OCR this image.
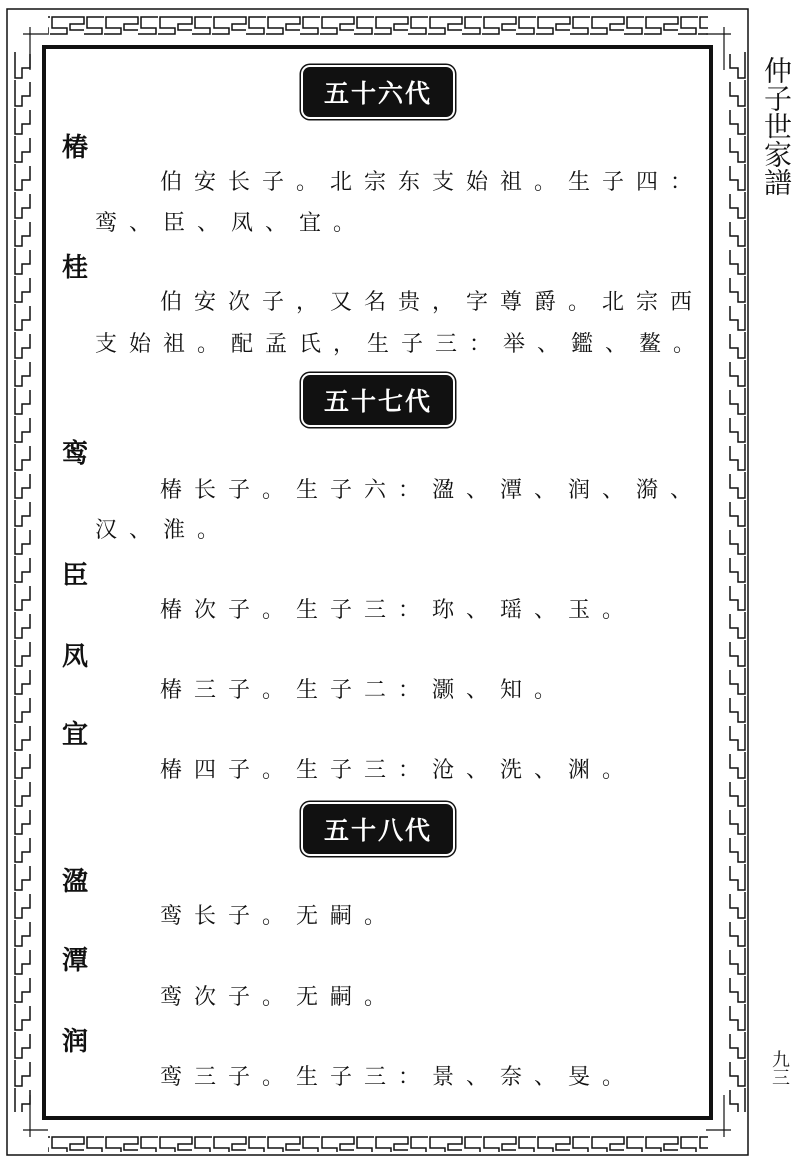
仲子世家譜
九三
五十六代
椿
伯安长子。北宗东支始祖。生子四：
鸾、臣、凤、宜。
桂
伯安次子，又名贵，字尊爵。北宗西
支始祖。配孟氏，生子三：举、鑑、鳌。
五十七代
鸾
椿长子。生子六：溋、潭、润、漪、
汉、淮。
臣
椿次子。生子三：珎、瑶、玉。
凤
椿三子。生子二：灏、知。
宜
椿四子。生子三：沧、洗、渊。
五十八代
溋
鸾长子。无嗣。
潭
鸾次子。无嗣。
润
鸾三子。生子三：景、奈、旻。
